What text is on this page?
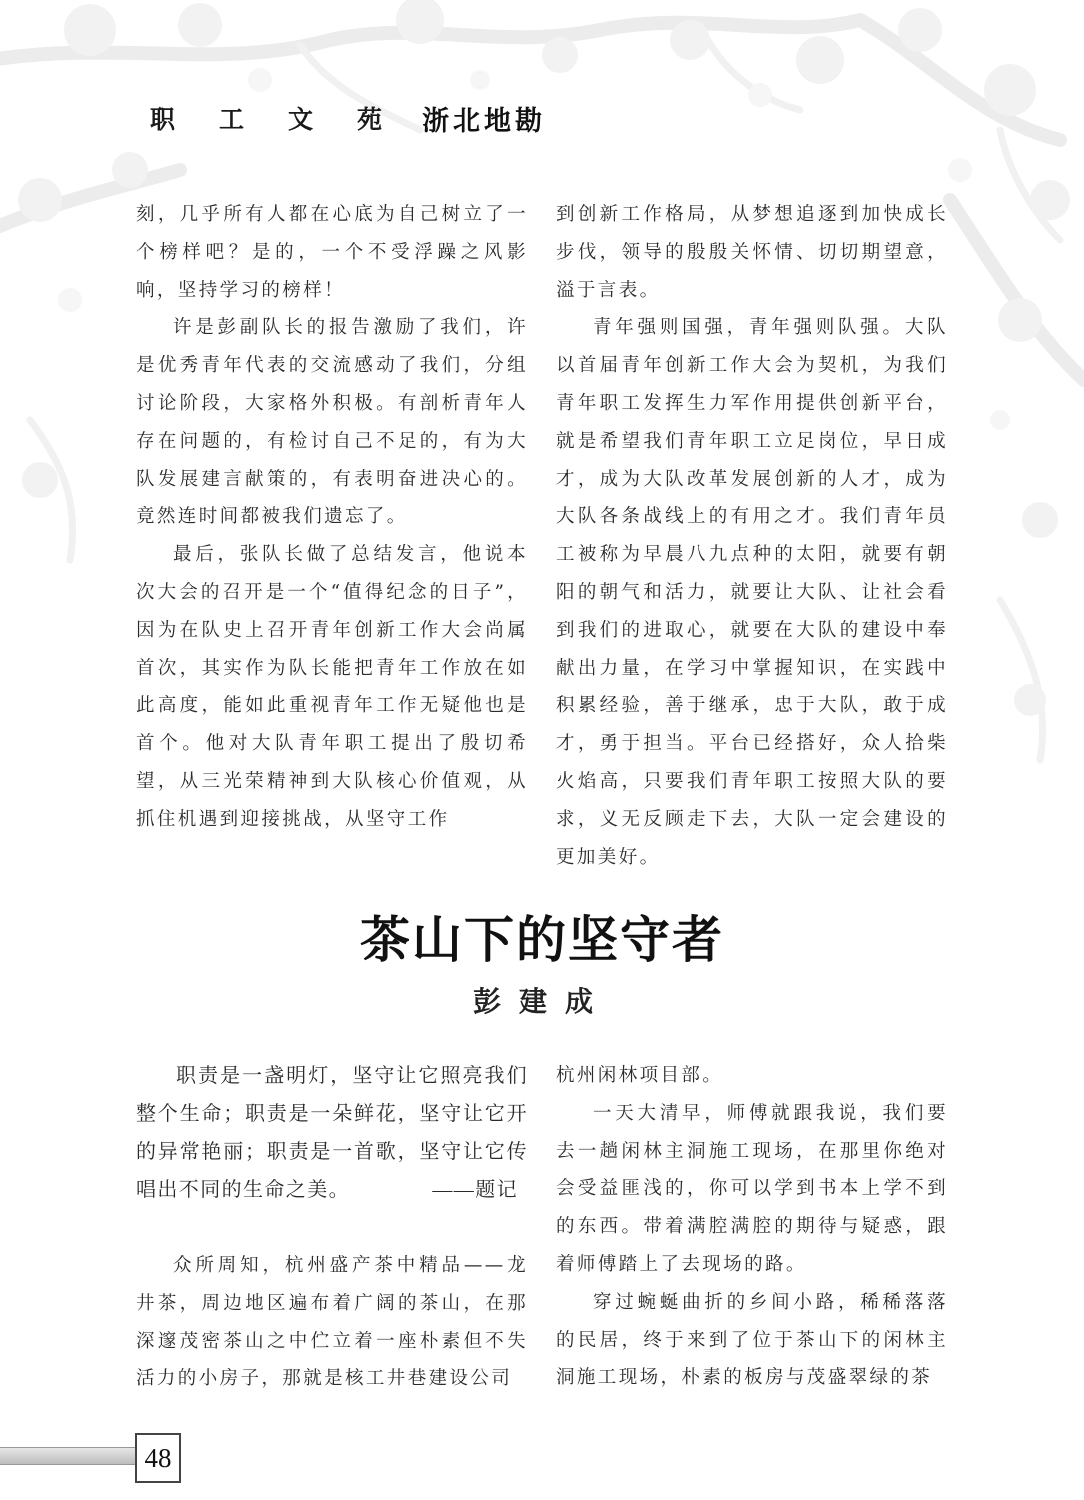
职 工 文 苑	浙北地勘

刻，几乎所有人都在心底为自己树立了一个榜样吧？是的，一个不受浮躁之风影响，坚持学习的榜样！

许是彭副队长的报告激励了我们，许是优秀青年代表的交流感动了我们，分组讨论阶段，大家格外积极。有剖析青年人存在问题的，有检讨自己不足的，有为大队发展建言献策的，有表明奋进决心的。竟然连时间都被我们遗忘了。

最后，张队长做了总结发言，他说本次大会的召开是一个“值得纪念的日子”，因为在队史上召开青年创新工作大会尚属首次，其实作为队长能把青年工作放在如此高度，能如此重视青年工作无疑他也是首个。他对大队青年职工提出了殷切希望，从三光荣精神到大队核心价值观，从抓住机遇到迎接挑战，从坚守工作

到创新工作格局，从梦想追逐到加快成长步伐，领导的殷殷关怀情、切切期望意，溢于言表。

青年强则国强，青年强则队强。大队以首届青年创新工作大会为契机，为我们青年职工发挥生力军作用提供创新平台，就是希望我们青年职工立足岗位，早日成才，成为大队改革发展创新的人才，成为大队各条战线上的有用之才。我们青年员工被称为早晨八九点种的太阳，就要有朝阳的朝气和活力，就要让大队、让社会看到我们的进取心，就要在大队的建设中奉献出力量，在学习中掌握知识，在实践中积累经验，善于继承，忠于大队，敢于成才，勇于担当。平台已经搭好，众人拾柴火焰高，只要我们青年职工按照大队的要求，义无反顾走下去，大队一定会建设的更加美好。

茶山下的坚守者
彭建成

职责是一盏明灯，坚守让它照亮我们整个生命；职责是一朵鲜花，坚守让它开的异常艳丽；职责是一首歌，坚守让它传唱出不同的生命之美。	——题记

众所周知，杭州盛产茶中精品——龙井茶，周边地区遍布着广阔的茶山，在那深邃茂密茶山之中伫立着一座朴素但不失活力的小房子，那就是核工井巷建设公司

杭州闲林项目部。

一天大清早，师傅就跟我说，我们要去一趟闲林主洞施工现场，在那里你绝对会受益匪浅的，你可以学到书本上学不到的东西。带着满腔满腔的期待与疑惑，跟着师傅踏上了去现场的路。

穿过蜿蜒曲折的乡间小路，稀稀落落的民居，终于来到了位于茶山下的闲林主洞施工现场，朴素的板房与茂盛翠绿的茶

48
